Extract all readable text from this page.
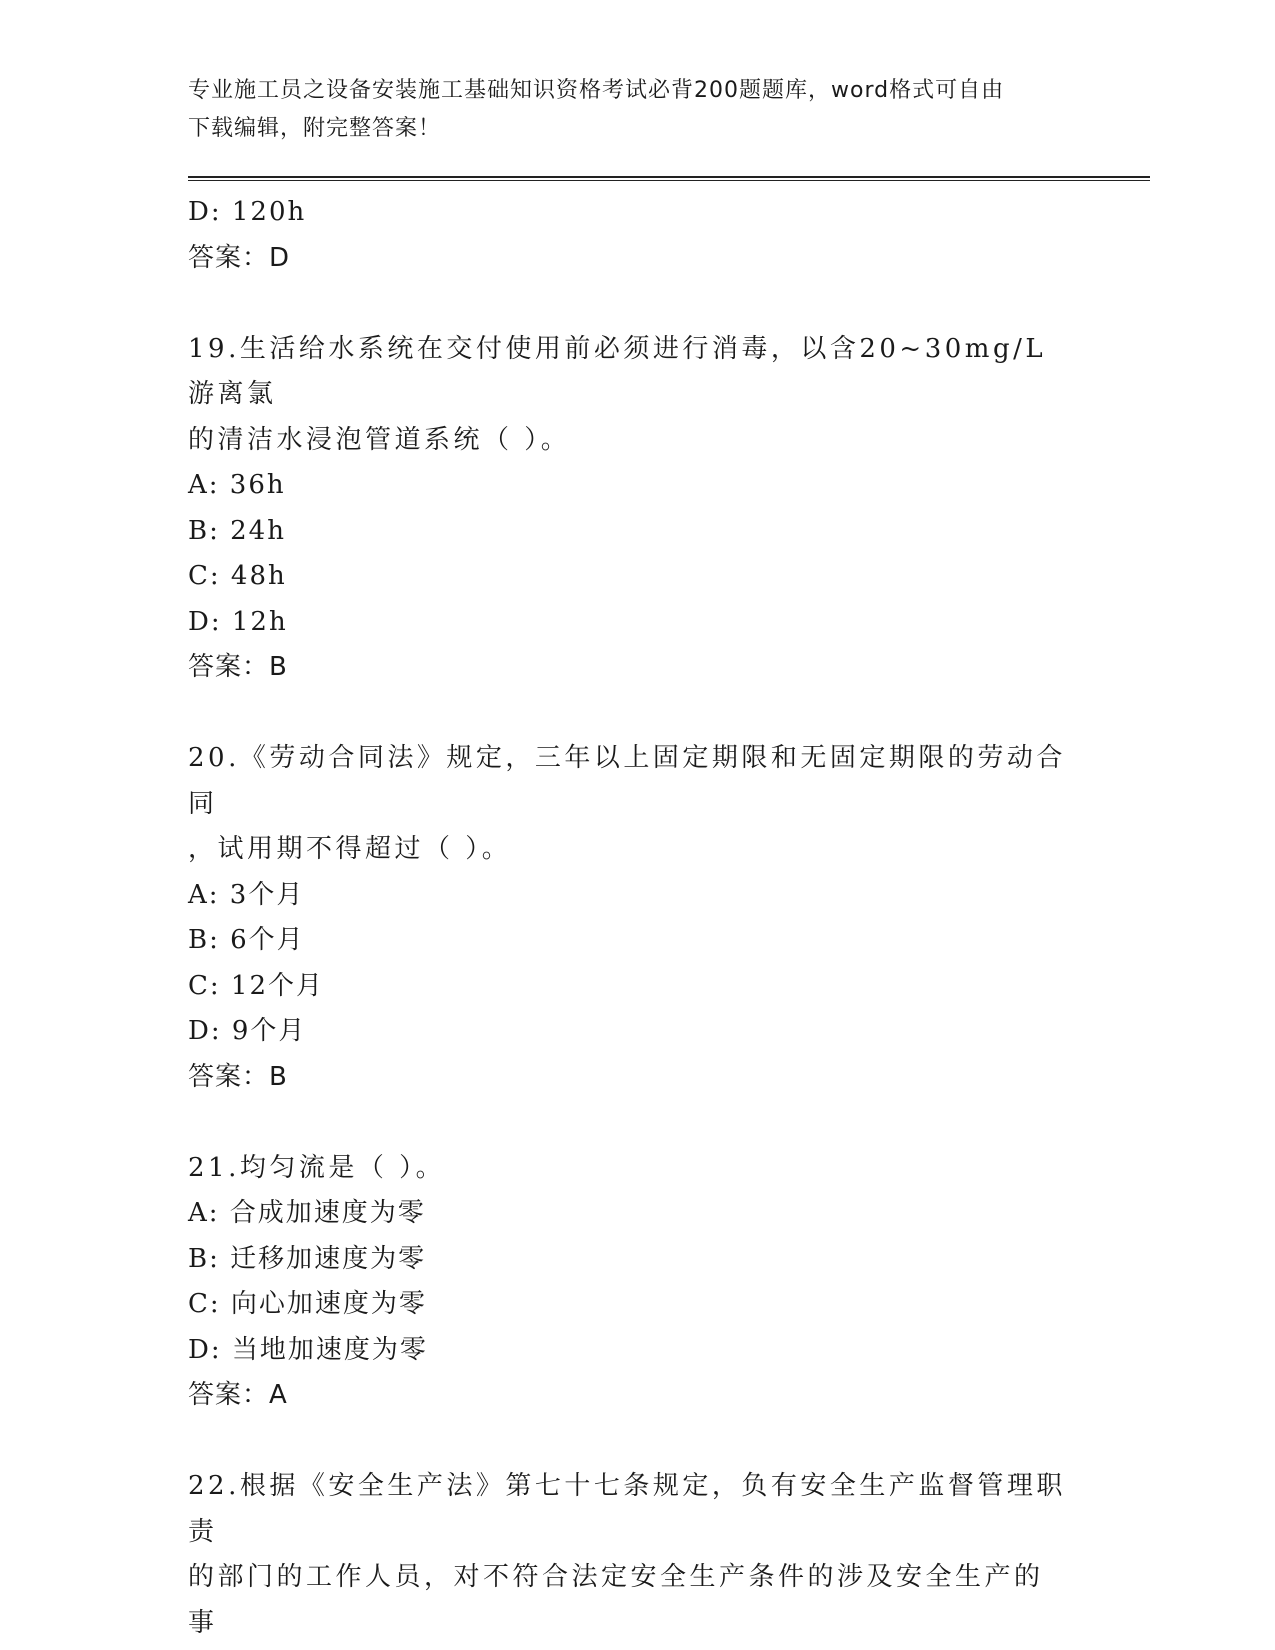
专业施工员之设备安装施工基础知识资格考试必背200题题库，word格式可自由
下载编辑，附完整答案！
D: 120h
答案：D
19.生活给水系统在交付使用前必须进行消毒，以含20~30mg/L游离氯
的清洁水浸泡管道系统（ ）。
A: 36h
B: 24h
C: 48h
D: 12h
答案：B
20.《劳动合同法》规定，三年以上固定期限和无固定期限的劳动合同
，试用期不得超过（ ）。
A: 3个月
B: 6个月
C: 12个月
D: 9个月
答案：B
21.均匀流是（ ）。
A: 合成加速度为零
B: 迁移加速度为零
C: 向心加速度为零
D: 当地加速度为零
答案：A
22.根据《安全生产法》第七十七条规定，负有安全生产监督管理职责
的部门的工作人员，对不符合法定安全生产条件的涉及安全生产的事
